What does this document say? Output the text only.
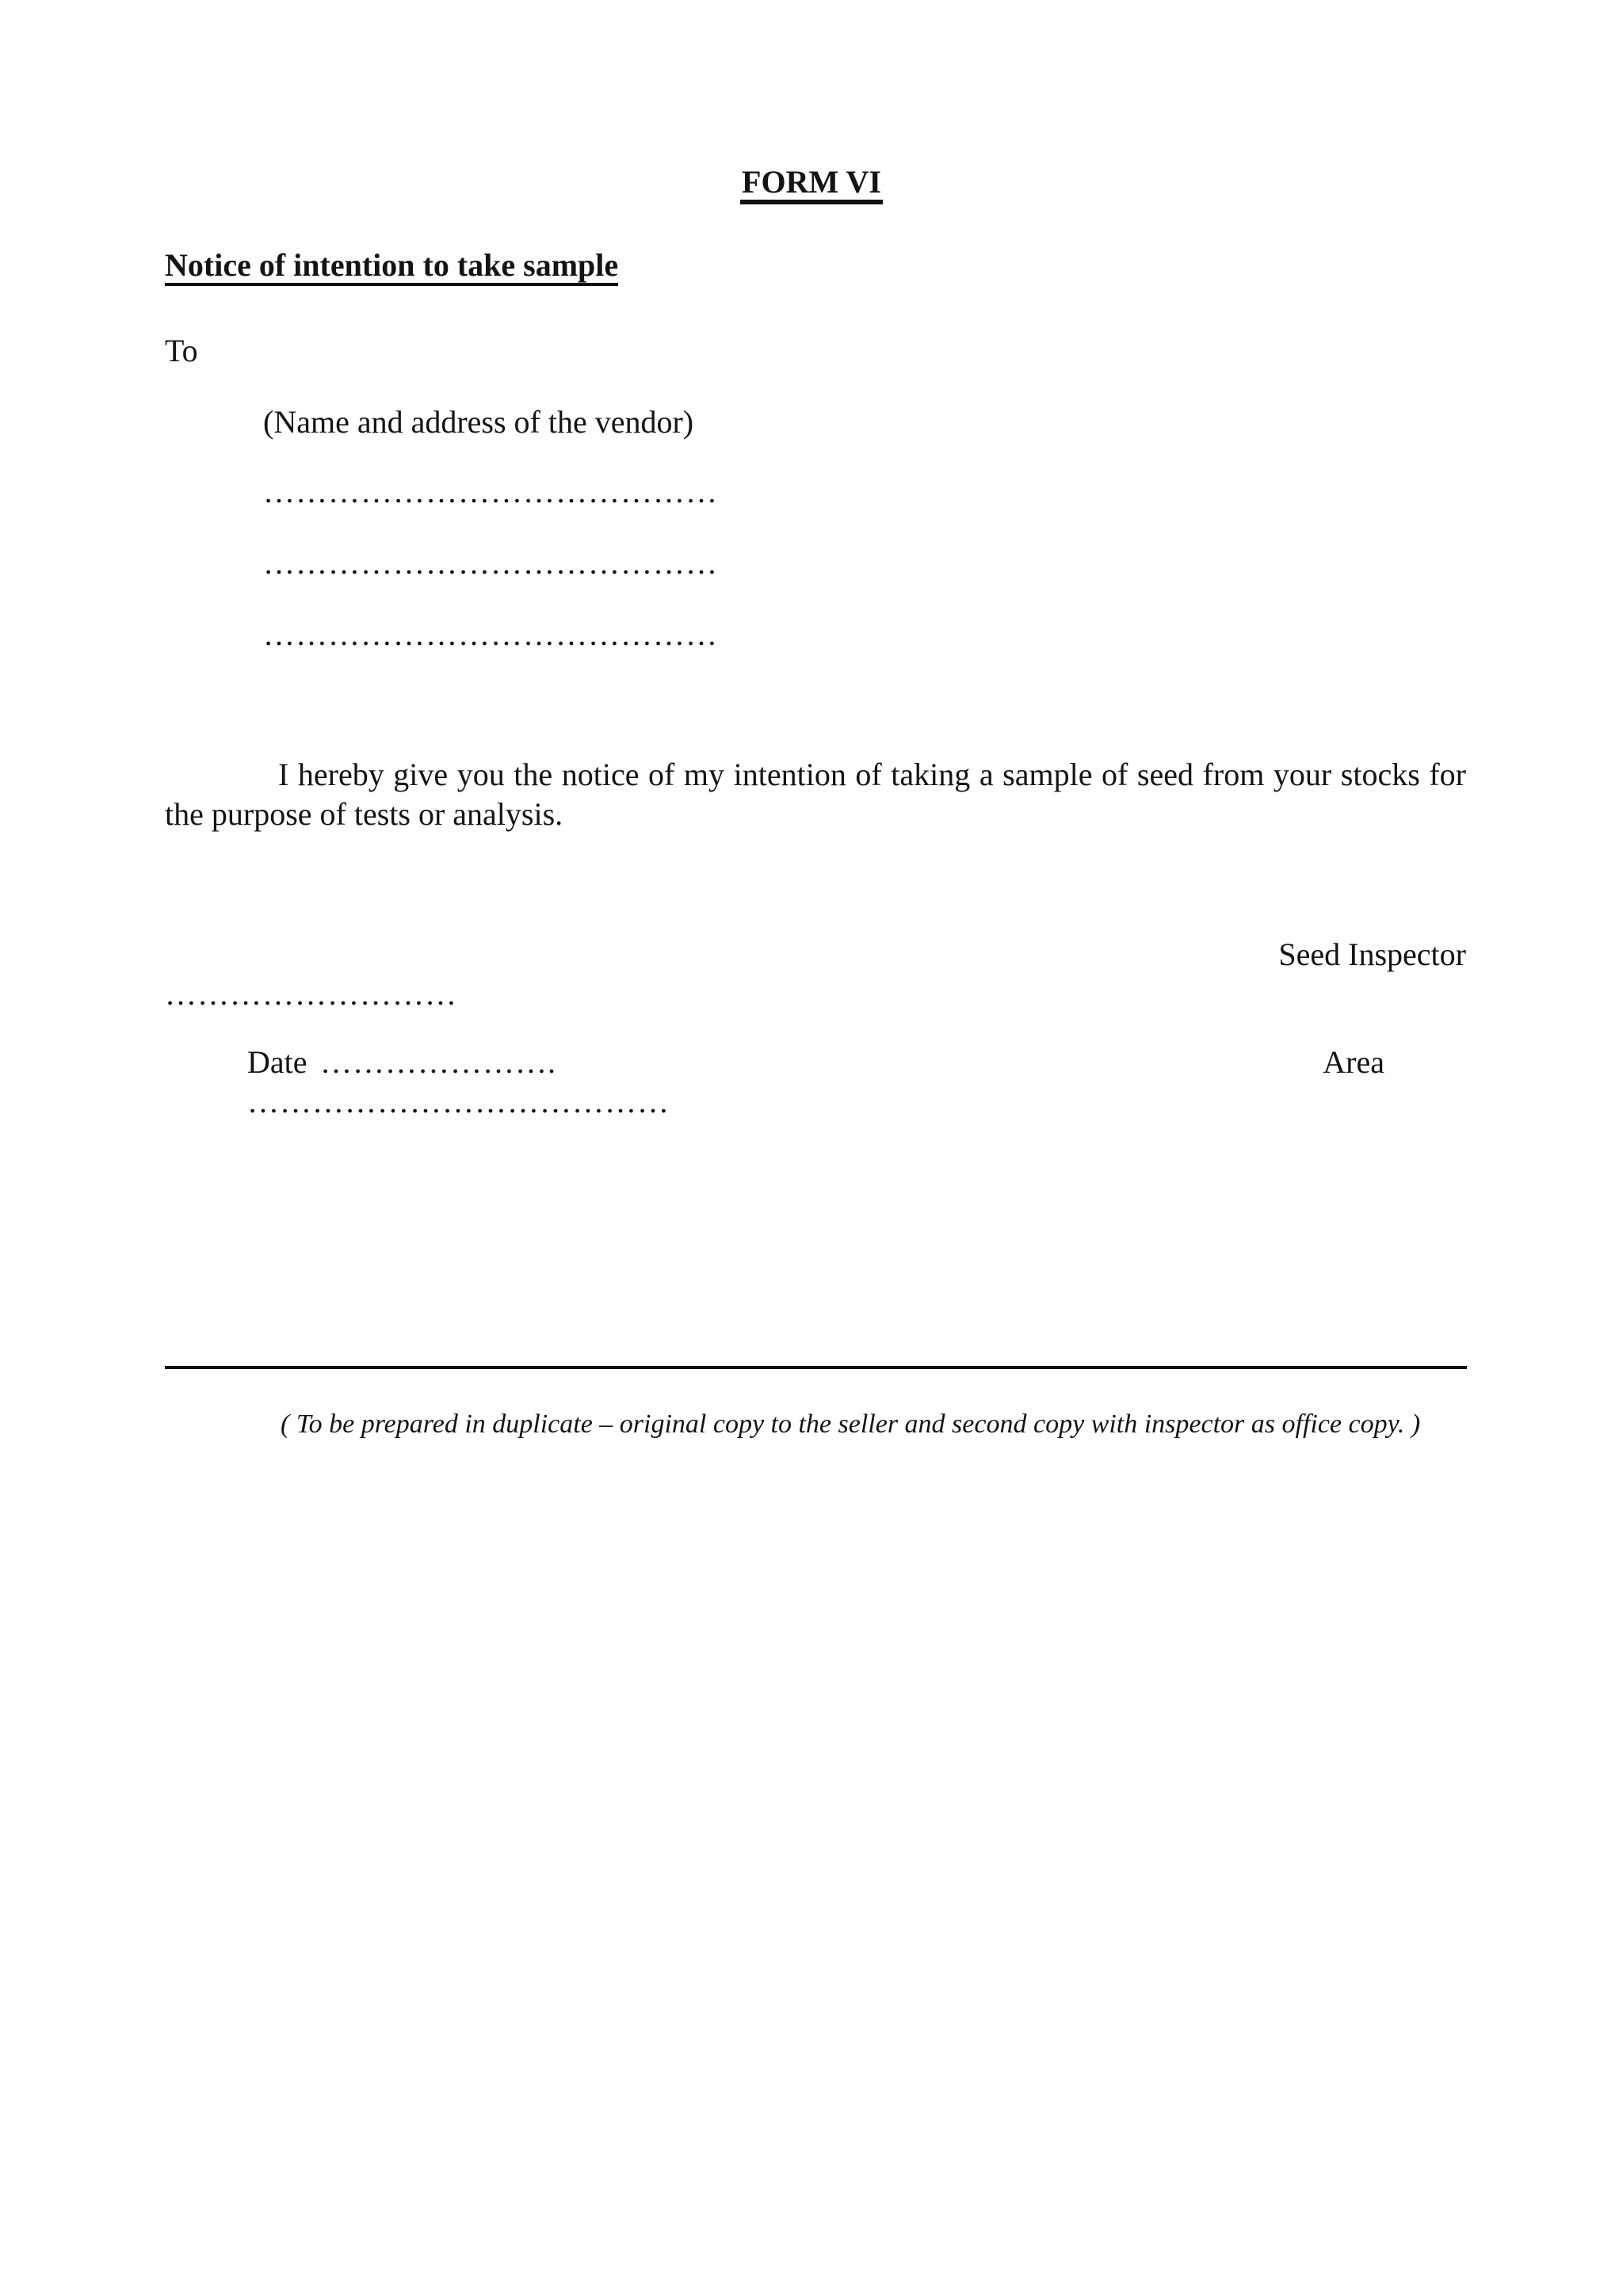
FORM VI
Notice of intention to take sample
To
(Name and address of the vendor)
……………………………………
……………………………………
……………………………………
I hereby give you the notice of my intention of taking a sample of seed from your stocks for the purpose of tests or analysis.
Seed Inspector
………………………
Date ………………….	Area
…………………………………
( To be prepared in duplicate – original copy to the seller and second copy with inspector as office copy. )
